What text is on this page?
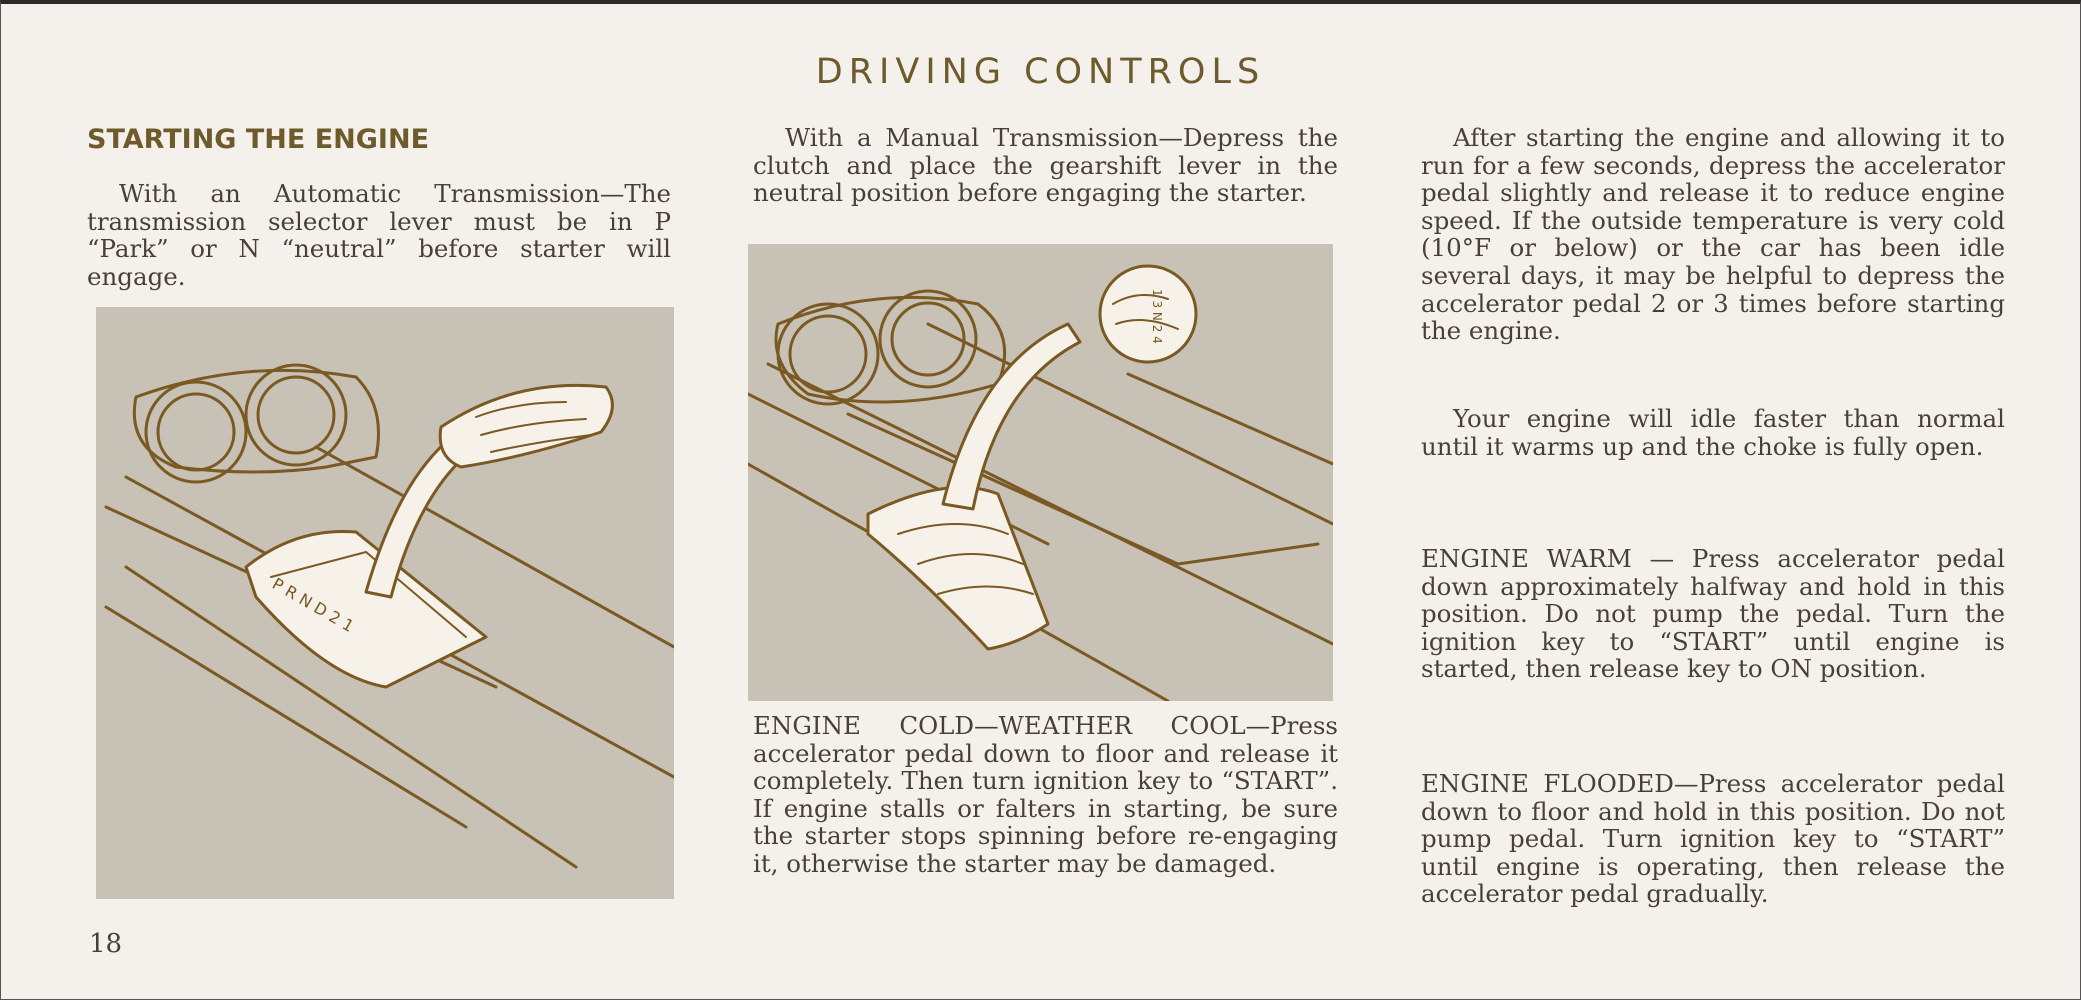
DRIVING CONTROLS
STARTING THE ENGINE

With an Automatic Transmission—The transmission selector lever must be in P “Park” or N “neutral” before starter will engage.

P R N D 2 1

With a Manual Transmission—Depress the clutch and place the gearshift lever in the neutral position before engaging the starter.

1 3 N 2 4

ENGINE COLD—WEATHER COOL—Press accelerator pedal down to floor and release it completely. Then turn ignition key to “START”. If engine stalls or falters in starting, be sure the starter stops spinning before re-engaging it, otherwise the starter may be damaged.

After starting the engine and allowing it to run for a few seconds, depress the accelerator pedal slightly and release it to reduce engine speed. If the outside temperature is very cold (10°F or below) or the car has been idle several days, it may be helpful to depress the accelerator pedal 2 or 3 times before starting the engine.

Your engine will idle faster than normal until it warms up and the choke is fully open.

ENGINE WARM — Press accelerator pedal down approximately halfway and hold in this position. Do not pump the pedal. Turn the ignition key to “START” until engine is started, then release key to ON position.

ENGINE FLOODED—Press accelerator pedal down to floor and hold in this position. Do not pump pedal. Turn ignition key to “START” until engine is operating, then release the accelerator pedal gradually.

18
